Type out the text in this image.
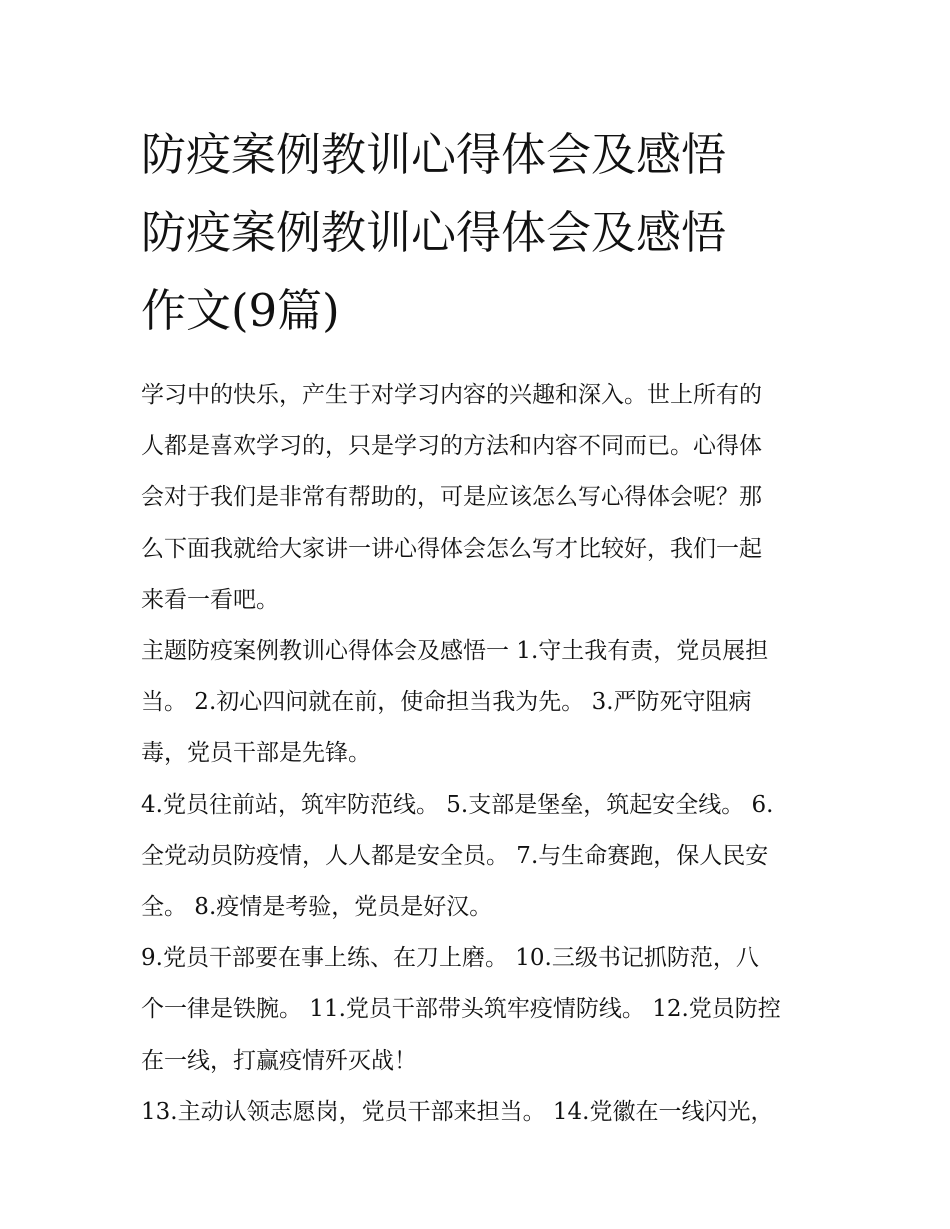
防疫案例教训心得体会及感悟
防疫案例教训心得体会及感悟
作文(9篇)

学习中的快乐，产生于对学习内容的兴趣和深入。世上所有的
人都是喜欢学习的，只是学习的方法和内容不同而已。心得体
会对于我们是非常有帮助的，可是应该怎么写心得体会呢？那
么下面我就给大家讲一讲心得体会怎么写才比较好，我们一起
来看一看吧。

主题防疫案例教训心得体会及感悟一 1.守土我有责，党员展担
当。 2.初心四问就在前，使命担当我为先。 3.严防死守阻病
毒，党员干部是先锋。

4.党员往前站，筑牢防范线。 5.支部是堡垒，筑起安全线。 6.
全党动员防疫情，人人都是安全员。 7.与生命赛跑，保人民安
全。 8.疫情是考验，党员是好汉。

9.党员干部要在事上练、在刀上磨。 10.三级书记抓防范，八
个一律是铁腕。 11.党员干部带头筑牢疫情防线。 12.党员防控
在一线，打赢疫情歼灭战！

13.主动认领志愿岗，党员干部来担当。 14.党徽在一线闪光，
